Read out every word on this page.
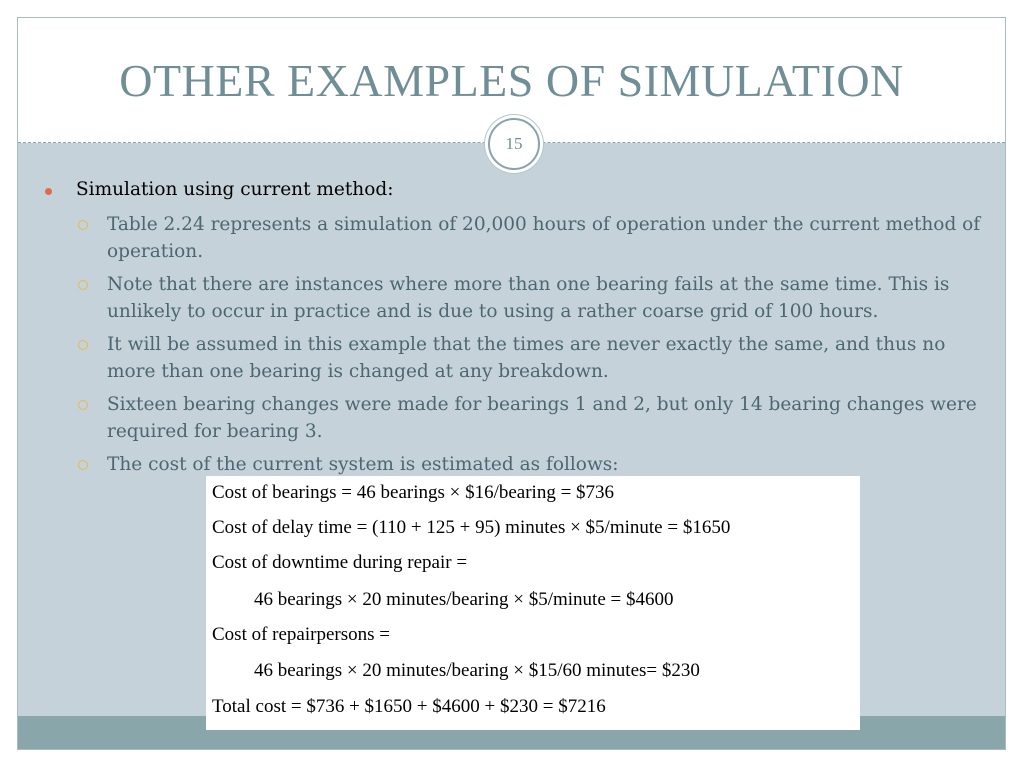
OTHER EXAMPLES OF SIMULATION
15
Simulation using current method:
Table 2.24 represents a simulation of 20,000 hours of operation under the current method of operation.
Note that there are instances where more than one bearing fails at the same time. This is unlikely to occur in practice and is due to using a rather coarse grid of 100 hours.
It will be assumed in this example that the times are never exactly the same, and thus no more than one bearing is changed at any breakdown.
Sixteen bearing changes were made for bearings 1 and 2, but only 14 bearing changes were required for bearing 3.
The cost of the current system is estimated as follows:
Cost of bearings = 46 bearings × $16/bearing = $736
Cost of delay time = (110 + 125 + 95) minutes × $5/minute = $1650
Cost of downtime during repair =
46 bearings × 20 minutes/bearing × $5/minute = $4600
Cost of repairpersons =
46 bearings × 20 minutes/bearing × $15/60 minutes= $230
Total cost = $736 + $1650 + $4600 + $230 = $7216
